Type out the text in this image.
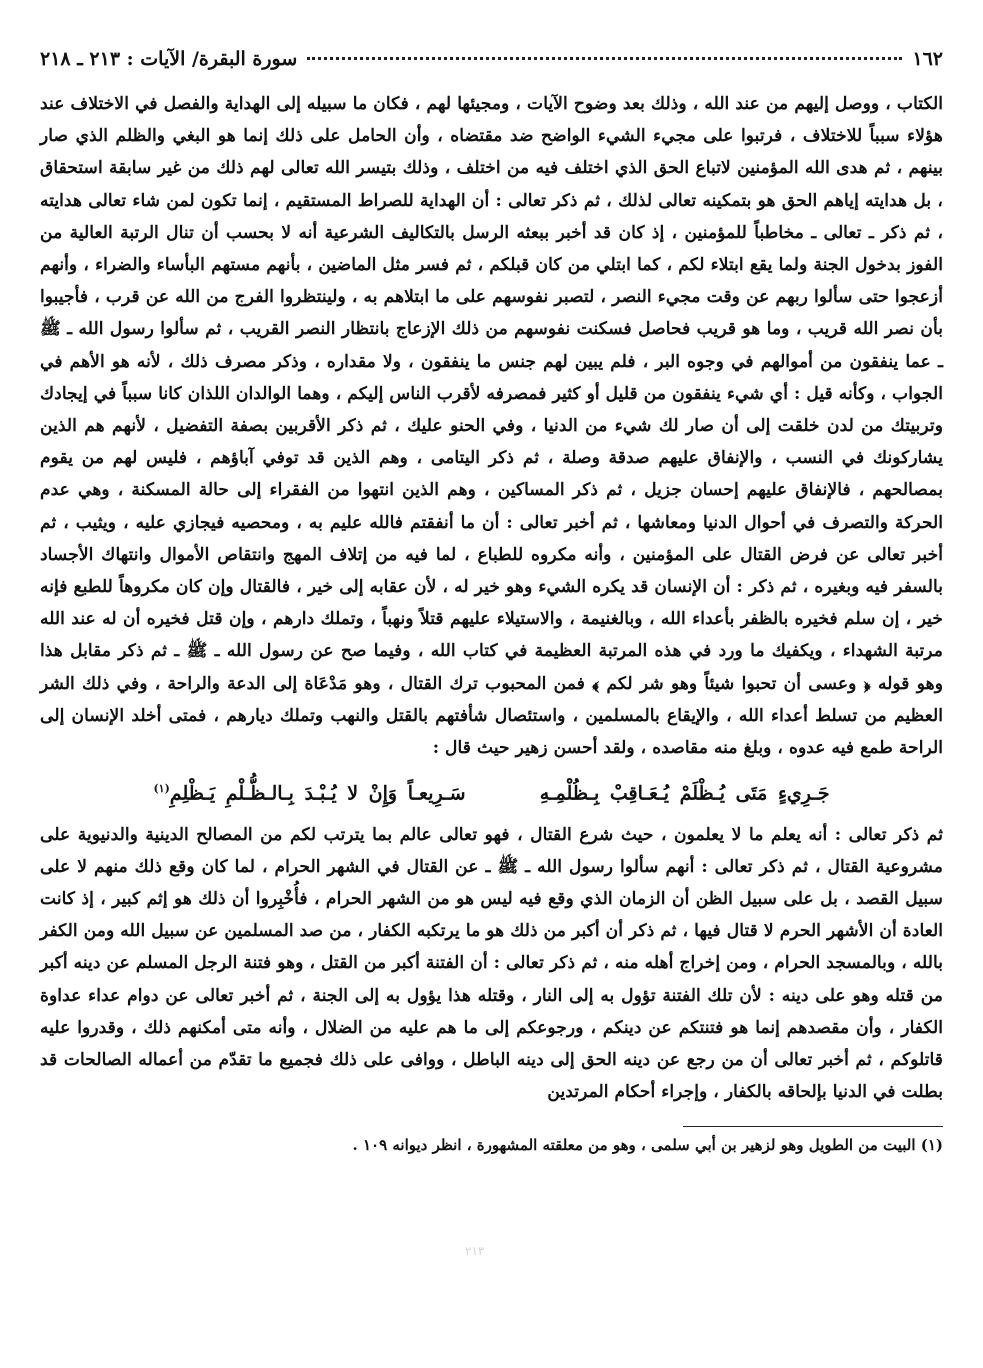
١٦٢
سورة البقرة/ الآيات : ٢١٣ ـ ٢١٨

الكتاب ، ووصل إليهم من عند الله ، وذلك بعد وضوح الآيات ، ومجيئها لهم ، فكان ما سبيله إلى الهداية والفصل في الاختلاف عند هؤلاء سبباً للاختلاف ، فرتبوا على مجيء الشيء الواضح ضد مقتضاه ، وأن الحامل على ذلك إنما هو البغي والظلم الذي صار بينهم ، ثم هدى الله المؤمنين لاتباع الحق الذي اختلف فيه من اختلف ، وذلك بتيسر الله تعالى لهم ذلك من غير سابقة استحقاق ، بل هدايته إياهم الحق هو بتمكينه تعالى لذلك ، ثم ذكر تعالى : أن الهداية للصراط المستقيم ، إنما تكون لمن شاء تعالى هدايته ، ثم ذكر ـ تعالى ـ مخاطباً للمؤمنين ، إذ كان قد أخبر ببعثه الرسل بالتكاليف الشرعية أنه لا بحسب أن تنال الرتبة العالية من الفوز بدخول الجنة ولما يقع ابتلاء لكم ، كما ابتلي من كان قبلكم ، ثم فسر مثل الماضين ، بأنهم مستهم البأساء والضراء ، وأنهم أزعجوا حتى سألوا ربهم عن وقت مجيء النصر ، لتصبر نفوسهم على ما ابتلاهم به ، ولينتظروا الفرج من الله عن قرب ، فأجيبوا بأن نصر الله قريب ، وما هو قريب فحاصل فسكنت نفوسهم من ذلك الإزعاج بانتظار النصر القريب ، ثم سألوا رسول الله ـ ﷺ ـ عما ينفقون من أموالهم في وجوه البر ، فلم يبين لهم جنس ما ينفقون ، ولا مقداره ، وذكر مصرف ذلك ، لأنه هو الأهم في الجواب ، وكأنه قيل : أي شيء ينفقون من قليل أو كثير فمصرفه لأقرب الناس إليكم ، وهما الوالدان اللذان كانا سبباً في إيجادك وتربيتك من لدن خلقت إلى أن صار لك شيء من الدنيا ، وفي الحنو عليك ، ثم ذكر الأقربين بصفة التفضيل ، لأنهم هم الذين يشاركونك في النسب ، والإنفاق عليهم صدقة وصلة ، ثم ذكر اليتامى ، وهم الذين قد توفي آباؤهم ، فليس لهم من يقوم بمصالحهم ، فالإنفاق عليهم إحسان جزيل ، ثم ذكر المساكين ، وهم الذين انتهوا من الفقراء إلى حالة المسكنة ، وهي عدم الحركة والتصرف في أحوال الدنيا ومعاشها ، ثم أخبر تعالى : أن ما أنفقتم فالله عليم به ، ومحصيه فيجازي عليه ، ويثيب ، ثم أخبر تعالى عن فرض القتال على المؤمنين ، وأنه مكروه للطباع ، لما فيه من إتلاف المهج وانتقاص الأموال وانتهاك الأجساد بالسفر فيه وبغيره ، ثم ذكر : أن الإنسان قد يكره الشيء وهو خير له ، لأن عقابه إلى خير ، فالقتال وإن كان مكروهاً للطبع فإنه خير ، إن سلم فخيره بالظفر بأعداء الله ، وبالغنيمة ، والاستيلاء عليهم قتلاً ونهباً ، وتملك دارهم ، وإن قتل فخيره أن له عند الله مرتبة الشهداء ، ويكفيك ما ورد في هذه المرتبة العظيمة في كتاب الله ، وفيما صح عن رسول الله ـ ﷺ ـ ثم ذكر مقابل هذا وهو قوله ﴿ وعسى أن تحبوا شيئاً وهو شر لكم ﴾ فمن المحبوب ترك القتال ، وهو مَدْعَاة إلى الدعة والراحة ، وفي ذلك الشر العظيم من تسلط أعداء الله ، والإيقاع بالمسلمين ، واستئصال شأفتهم بالقتل والنهب وتملك ديارهم ، فمتى أخلد الإنسان إلى الراحة طمع فيه عدوه ، وبلغ منه مقاصده ، ولقد أحسن زهير حيث قال :

جَـرِيءٍ مَتَى يُـظْلَمْ يُـعَـاقِبْ بِـظُلْمِـهِ       سَـرِيعـاً وَإِنْ لا يُـبْـدَ بِـالـظُّـلْمِ يَـظْلِمِ$^{(١)}$

ثم ذكر تعالى : أنه يعلم ما لا يعلمون ، حيث شرع القتال ، فهو تعالى عالم بما يترتب لكم من المصالح الدينية والدنيوية على مشروعية القتال ، ثم ذكر تعالى : أنهم سألوا رسول الله ـ ﷺ ـ عن القتال في الشهر الحرام ، لما كان وقع ذلك منهم لا على سبيل القصد ، بل على سبيل الظن أن الزمان الذي وقع فيه ليس هو من الشهر الحرام ، فأُخْبِروا أن ذلك هو إثم كبير ، إذ كانت العادة أن الأشهر الحرم لا قتال فيها ، ثم ذكر أن أكبر من ذلك هو ما يرتكبه الكفار ، من صد المسلمين عن سبيل الله ومن الكفر بالله ، وبالمسجد الحرام ، ومن إخراج أهله منه ، ثم ذكر تعالى : أن الفتنة أكبر من القتل ، وهو فتنة الرجل المسلم عن دينه أكبر من قتله وهو على دينه : لأن تلك الفتنة تؤول به إلى النار ، وقتله هذا يؤول به إلى الجنة ، ثم أخبر تعالى عن دوام عداء عداوة الكفار ، وأن مقصدهم إنما هو فتنتكم عن دينكم ، ورجوعكم إلى ما هم عليه من الضلال ، وأنه متى أمكنهم ذلك ، وقدروا عليه قاتلوكم ، ثم أخبر تعالى أن من رجع عن دينه الحق إلى دينه الباطل ، ووافى على ذلك فجميع ما تقدّم من أعماله الصالحات قد بطلت في الدنيا بإلحاقه بالكفار ، وإجراء أحكام المرتدين

(١) البيت من الطويل وهو لزهير بن أبي سلمى ، وهو من معلقته المشهورة ، انظر ديوانه ١٠٩ .
٢١٣
